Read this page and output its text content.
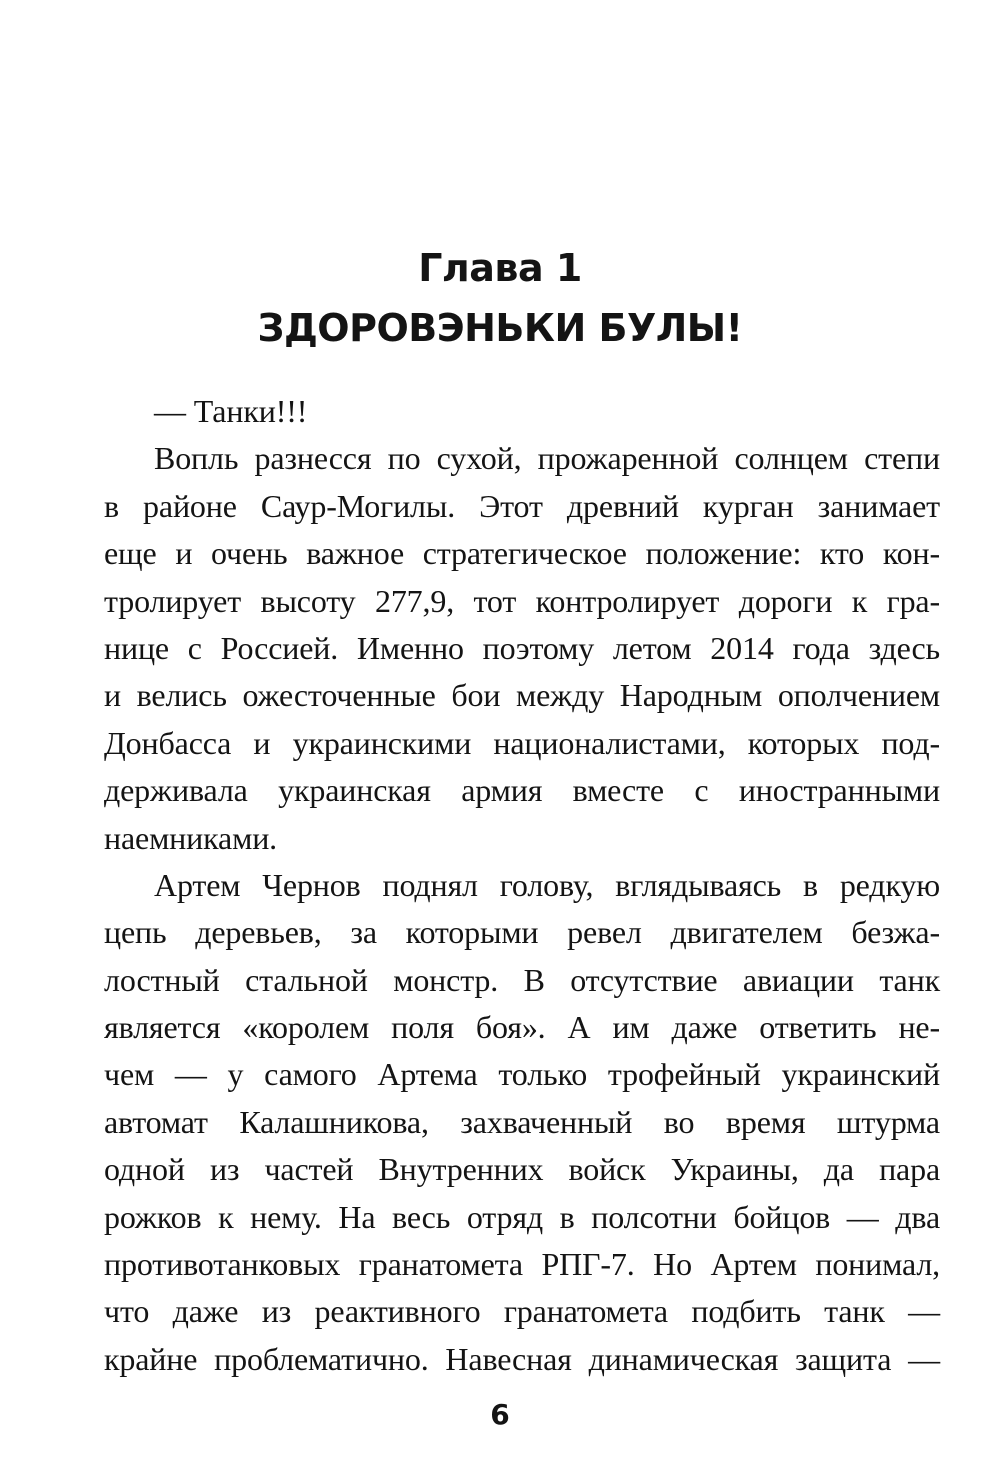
Глава 1
ЗДОРОВЭНЬКИ БУЛЫ!
— Танки!!!
Вопль разнесся по сухой, прожаренной солнцем степи
в районе Саур-Могилы. Этот древний курган занимает
еще и очень важное стратегическое положение: кто кон-
тролирует высоту 277,9, тот контролирует дороги к гра-
нице с Россией. Именно поэтому летом 2014 года здесь
и велись ожесточенные бои между Народным ополчением
Донбасса и украинскими националистами, которых под-
держивала украинская армия вместе с иностранными
наемниками.
Артем Чернов поднял голову, вглядываясь в редкую
цепь деревьев, за которыми ревел двигателем безжа-
лостный стальной монстр. В отсутствие авиации танк
является «королем поля боя». А им даже ответить не-
чем — у самого Артема только трофейный украинский
автомат Калашникова, захваченный во время штурма
одной из частей Внутренних войск Украины, да пара
рожков к нему. На весь отряд в полсотни бойцов — два
противотанковых гранатомета РПГ-7. Но Артем понимал,
что даже из реактивного гранатомета подбить танк —
крайне проблематично. Навесная динамическая защита —
6
